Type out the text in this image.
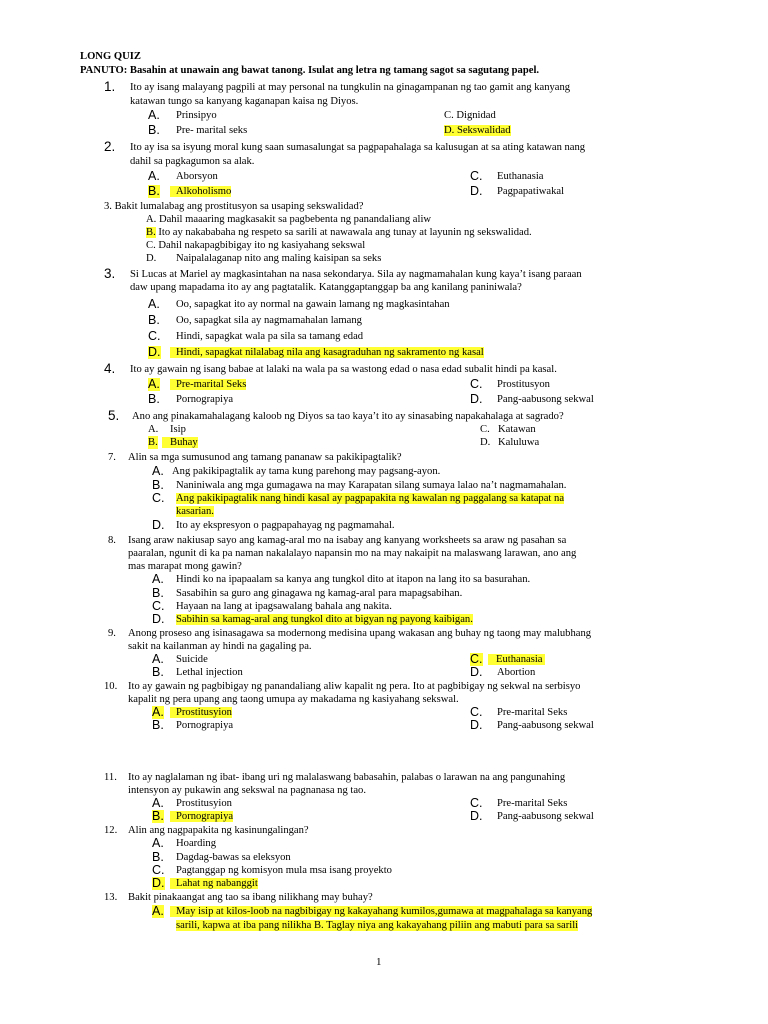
LONG QUIZ
PANUTO: Basahin at unawain ang bawat tanong. Isulat ang letra ng tamang sagot sa sagutang papel.
1. Ito ay isang malayang pagpili at may personal na tungkulin na ginagampanan ng tao gamit ang kanyang
katawan tungo sa kanyang kaganapan kaisa ng Diyos.
A. Prinsipyo	C. Dignidad
B. Pre- marital seks	D. Sekswalidad
2. Ito ay isa sa isyung moral kung saan sumasalungat sa pagpapahalaga sa kalusugan at sa ating katawan nang
dahil sa pagkagumon sa alak.
A. Aborsyon	C. Euthanasia
B.	Alkoholismo	D. Pagpapatiwakal
3. Bakit lumalabag ang prostitusyon sa usaping sekswalidad?
A. Dahil maaaring magkasakit sa pagbebenta ng panandaliang aliw
B. Ito ay nakababaha ng respeto sa sarili at nawawala ang tunay at layunin ng sekswalidad.
C. Dahil nakapagbibigay ito ng kasiyahang sekswal
D. Naipalalaganap nito ang maling kaisipan sa seks
3. Si Lucas at Mariel ay magkasintahan na nasa sekondarya. Sila ay nagmamahalan kung kaya’t isang paraan
daw upang mapadama ito ay ang pagtatalik. Katanggaptanggap ba ang kanilang paniniwala?
A. Oo, sapagkat ito ay normal na gawain lamang ng magkasintahan
B. Oo, sapagkat sila ay nagmamahalan lamang
C. Hindi, sapagkat wala pa sila sa tamang edad
D.	Hindi, sapagkat nilalabag nila ang kasagraduhan ng sakramento ng kasal
4. Ito ay gawain ng isang babae at lalaki na wala pa sa wastong edad o nasa edad subalit hindi pa kasal.
A.	Pre-marital Seks	C. Prostitusyon
B. Pornograpiya	D. Pang-aabusong sekwal
5. Ano ang pinakamahalagang kaloob ng Diyos sa tao kaya’t ito ay sinasabing napakahalaga at sagrado?
A. Isip	C. Katawan
B.	Buhay	D. Kaluluwa
7. Alin sa mga sumusunod ang tamang pananaw sa pakikipagtalik?
A. Ang pakikipagtalik ay tama kung parehong may pagsang-ayon.
B. Naniniwala ang mga gumagawa na may Karapatan silang sumaya lalao na’t nagmamahalan.
C. Ang pakikipagtalik nang hindi kasal ay pagpapakita ng kawalan ng paggalang sa katapat na
kasarian.
D. Ito ay ekspresyon o pagpapahayag ng pagmamahal.
8. Isang araw nakiusap sayo ang kamag-aral mo na isabay ang kanyang worksheets sa araw ng pasahan sa
paaralan, ngunit di ka pa naman nakalalayo napansin mo na may nakaipit na malaswang larawan, ano ang
mas marapat mong gawin?
A. Hindi ko na ipapaalam sa kanya ang tungkol dito at itapon na lang ito sa basurahan.
B. Sasabihin sa guro ang ginagawa ng kamag-aral para mapagsabihan.
C. Hayaan na lang at ipagsawalang bahala ang nakita.
D. Sabihin sa kamag-aral ang tungkol dito at bigyan ng payong kaibigan.
9. Anong proseso ang isinasagawa sa modernong medisina upang wakasan ang buhay ng taong may malubhang
sakit na kailanman ay hindi na gagaling pa.
A. Suicide	C.	Euthanasia
B. Lethal injection	D. Abortion
10. Ito ay gawain ng pagbibigay ng panandaliang aliw kapalit ng pera. Ito at pagbibigay ng sekwal na serbisyo
kapalit ng pera upang ang taong umupa ay makadama ng kasiyahang sekswal.
A.	Prostitusyion	C. Pre-marital Seks
B. Pornograpiya	D. Pang-aabusong sekwal
11. Ito ay naglalaman ng ibat- ibang uri ng malalaswang babasahin, palabas o larawan na ang pangunahing
intensyon ay pukawin ang sekswal na pagnanasa ng tao.
A. Prostitusyion	C. Pre-marital Seks
B.	Pornograpiya	D. Pang-aabusong sekwal
12. Alin ang nagpapakita ng kasinungalingan?
A. Hoarding
B. Dagdag-bawas sa eleksyon
C. Pagtanggap ng komisyon mula msa isang proyekto
D.	Lahat ng nabanggit
13. Bakit pinakaangat ang tao sa ibang nilikhang may buhay?
A.	May isip at kilos-loob na nagbibigay ng kakayahang kumilos,gumawa at magpahalaga sa kanyang
sarili, kapwa at iba pang nilikha B. Taglay niya ang kakayahang piliin ang mabuti para sa sarili
1
